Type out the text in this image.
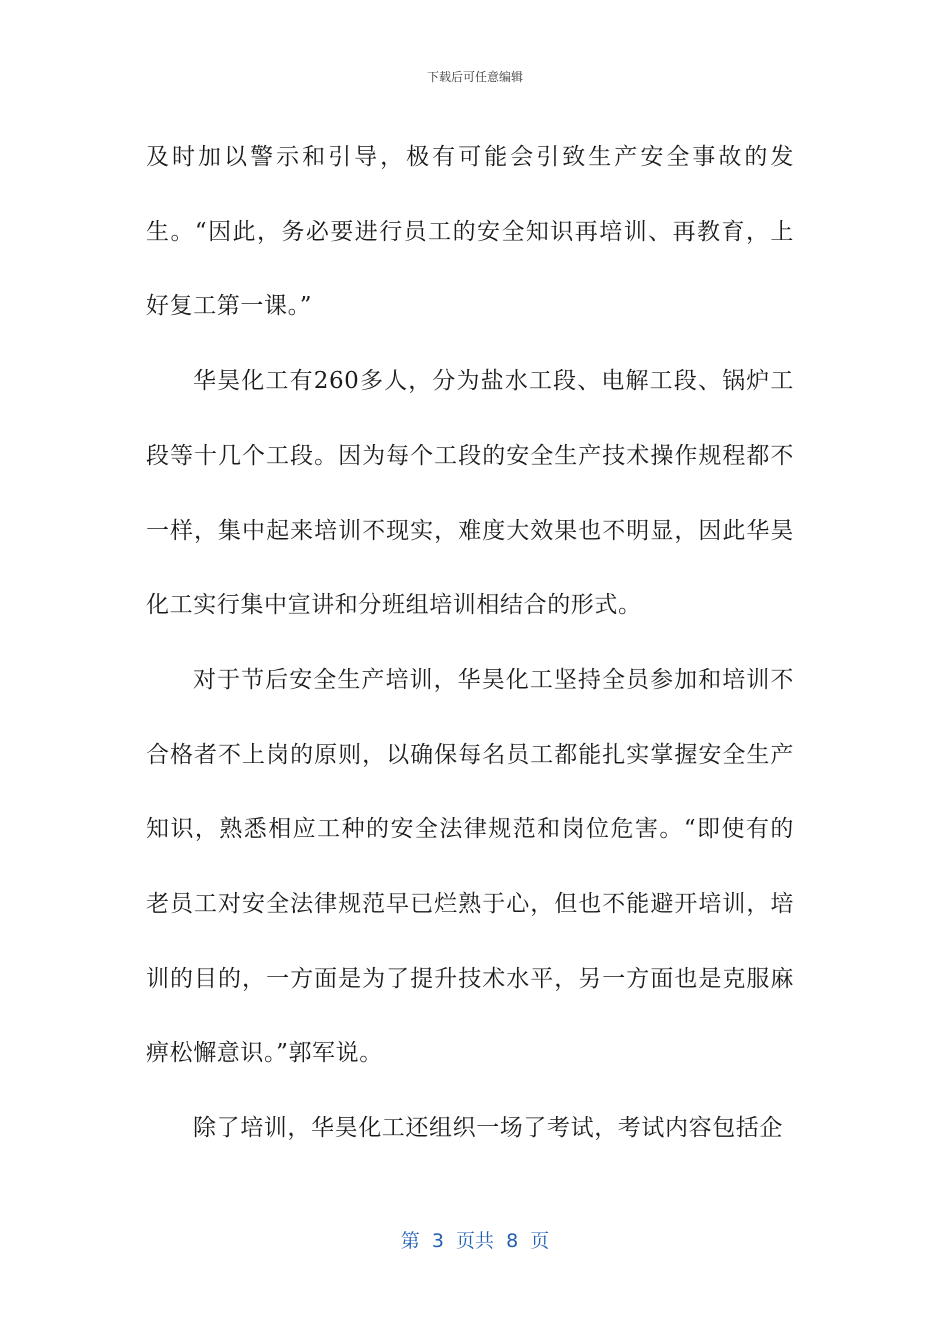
下载后可任意编辑

及时加以警示和引导，极有可能会引致生产安全事故的发生。“因此，务必要进行员工的安全知识再培训、再教育，上好复工第一课。”

华昊化工有260多人，分为盐水工段、电解工段、锅炉工段等十几个工段。因为每个工段的安全生产技术操作规程都不一样，集中起来培训不现实，难度大效果也不明显，因此华昊化工实行集中宣讲和分班组培训相结合的形式。

对于节后安全生产培训，华昊化工坚持全员参加和培训不合格者不上岗的原则，以确保每名员工都能扎实掌握安全生产知识，熟悉相应工种的安全法律规范和岗位危害。“即使有的老员工对安全法律规范早已烂熟于心，但也不能避开培训，培训的目的，一方面是为了提升技术水平，另一方面也是克服麻痹松懈意识。”郭军说。

除了培训，华昊化工还组织一场了考试，考试内容包括企

第  3  页共  8  页
